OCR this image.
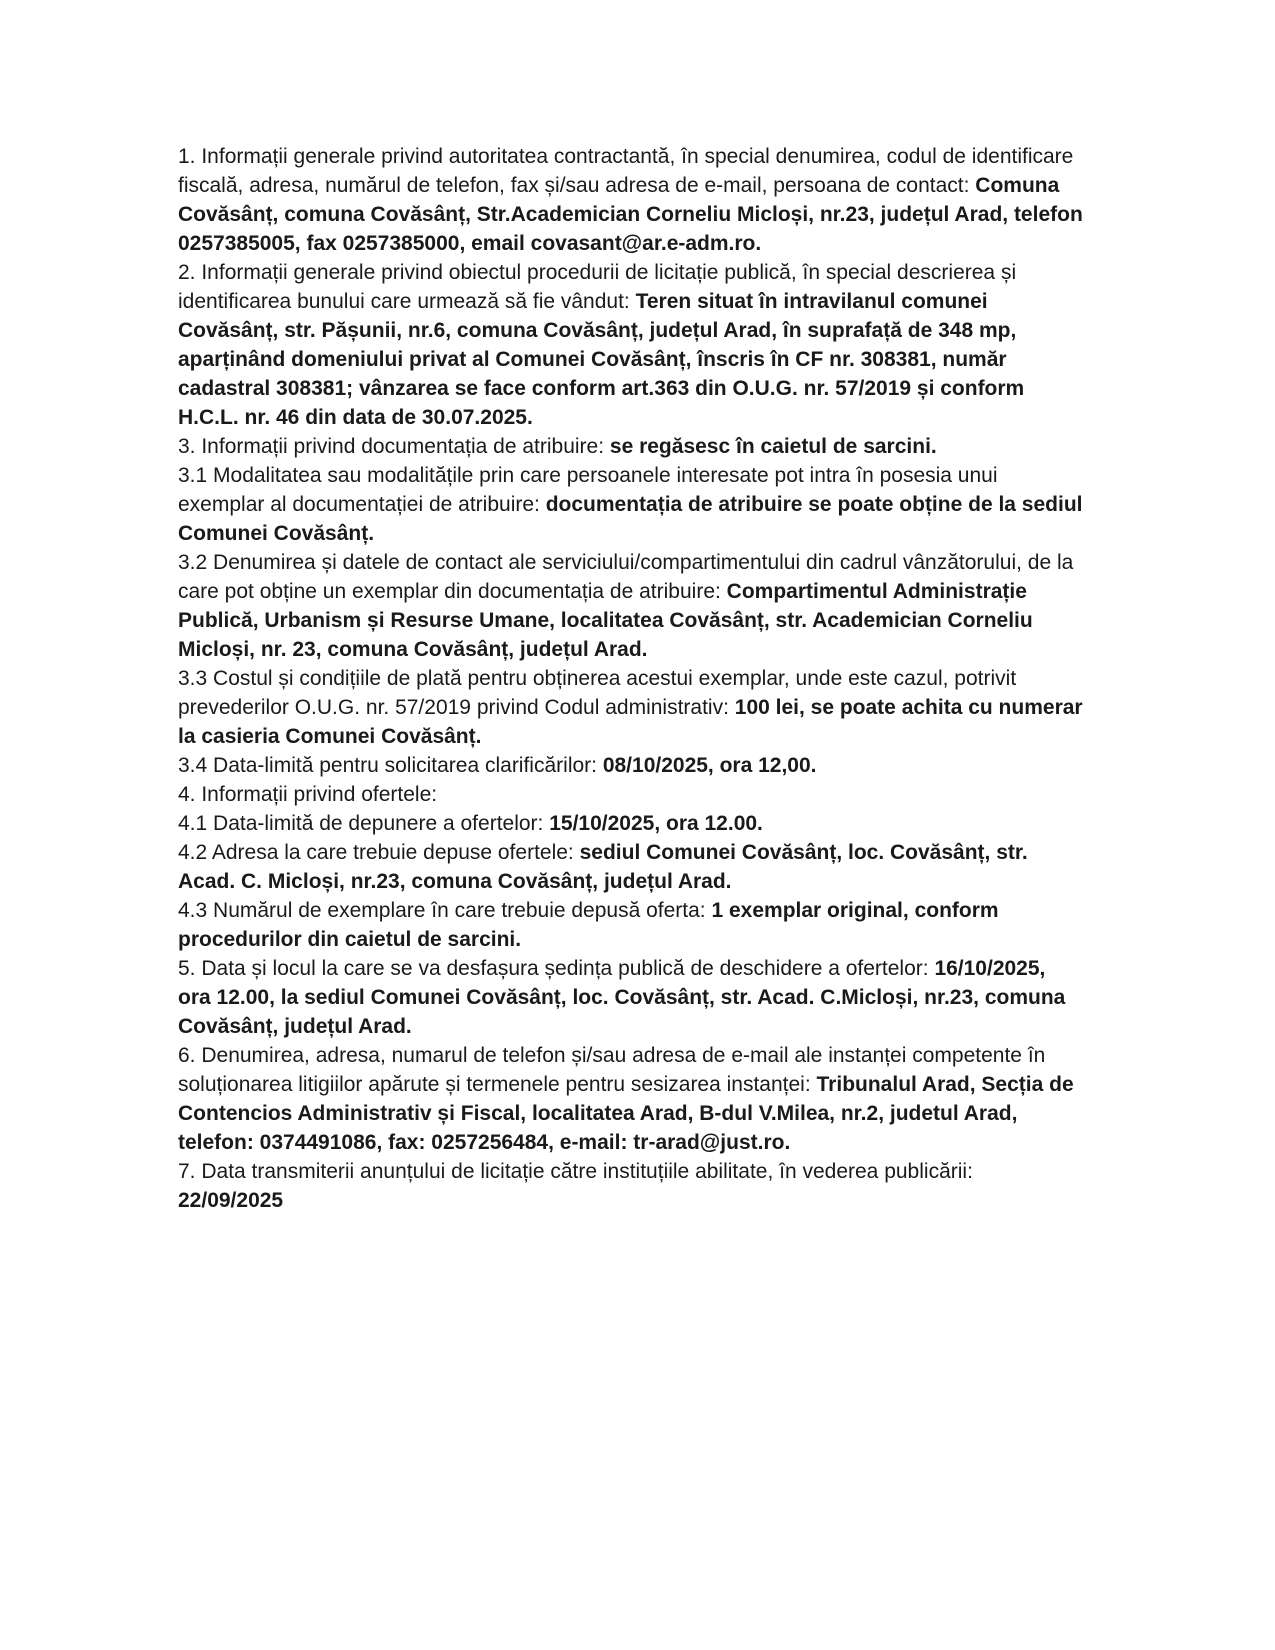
1. Informații generale privind autoritatea contractantă, în special denumirea, codul de identificare fiscală, adresa, numărul de telefon, fax și/sau adresa de e-mail, persoana de contact: Comuna Covăsânț, comuna Covăsânț, Str.Academician Corneliu Micloși, nr.23, județul Arad, telefon 0257385005, fax 0257385000, email covasant@ar.e-adm.ro.

2. Informații generale privind obiectul procedurii de licitație publică, în special descrierea și identificarea bunului care urmează să fie vândut: Teren situat în intravilanul comunei Covăsânț, str. Pășunii, nr.6, comuna Covăsânț, județul Arad, în suprafață de 348 mp, aparținând domeniului privat al Comunei Covăsânț, înscris în CF nr. 308381, număr cadastral 308381; vânzarea se face conform art.363 din O.U.G. nr. 57/2019 și conform H.C.L. nr. 46 din data de 30.07.2025.

3. Informații privind documentația de atribuire: se regăsesc în caietul de sarcini.

3.1 Modalitatea sau modalitățile prin care persoanele interesate pot intra în posesia unui exemplar al documentației de atribuire: documentația de atribuire se poate obține de la sediul Comunei Covăsânț.

3.2 Denumirea și datele de contact ale serviciului/compartimentului din cadrul vânzătorului, de la care pot obține un exemplar din documentația de atribuire: Compartimentul Administrație Publică, Urbanism și Resurse Umane, localitatea Covăsânț, str. Academician Corneliu Micloși, nr. 23, comuna Covăsânț, județul Arad.

3.3 Costul și condițiile de plată pentru obținerea acestui exemplar, unde este cazul, potrivit prevederilor O.U.G. nr. 57/2019 privind Codul administrativ: 100 lei, se poate achita cu numerar la casieria Comunei Covăsânț.

3.4 Data-limită pentru solicitarea clarificărilor: 08/10/2025, ora 12,00.

4. Informații privind ofertele:

4.1 Data-limită de depunere a ofertelor: 15/10/2025, ora 12.00.

4.2 Adresa la care trebuie depuse ofertele: sediul Comunei Covăsânț, loc. Covăsânț, str. Acad. C. Micloși, nr.23, comuna Covăsânț, județul Arad.

4.3 Numărul de exemplare în care trebuie depusă oferta: 1 exemplar original, conform procedurilor din caietul de sarcini.

5. Data și locul la care se va desfașura ședința publică de deschidere a ofertelor: 16/10/2025, ora 12.00, la sediul Comunei Covăsânț, loc. Covăsânț, str. Acad. C.Micloși, nr.23, comuna Covăsânț, județul Arad.

6. Denumirea, adresa, numarul de telefon și/sau adresa de e-mail ale instanței competente în soluționarea litigiilor apărute și termenele pentru sesizarea instanței: Tribunalul Arad, Secția de Contencios Administrativ și Fiscal, localitatea Arad, B-dul V.Milea, nr.2, judetul Arad, telefon: 0374491086, fax: 0257256484, e-mail: tr-arad@just.ro.

7. Data transmiterii anunțului de licitație către instituțiile abilitate, în vederea publicării: 22/09/2025
